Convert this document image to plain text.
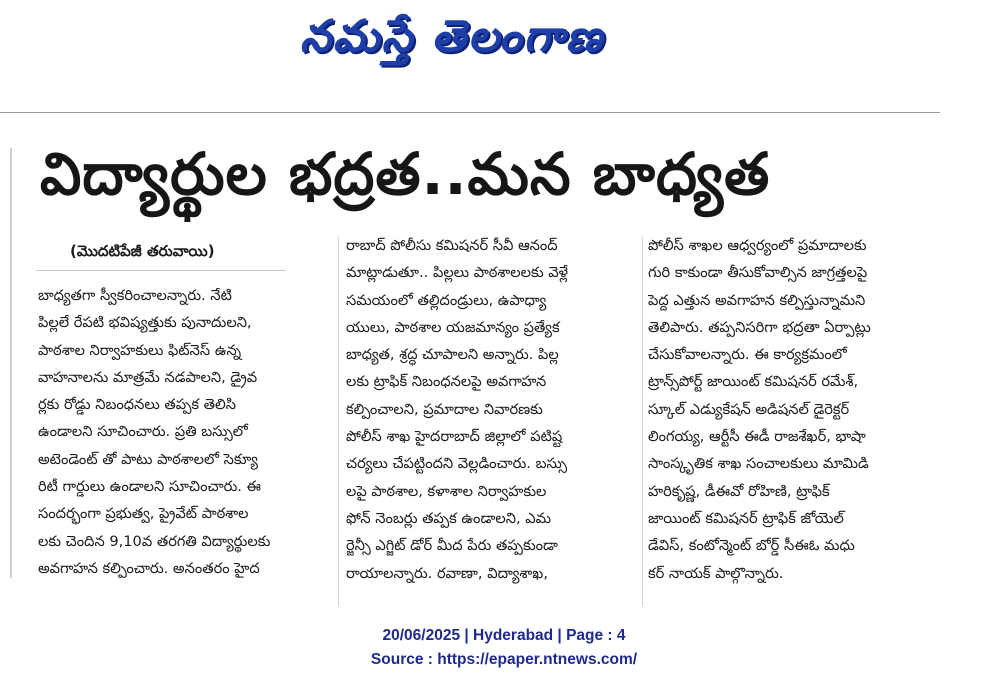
నమస్తే తెలంగాణ
విద్యార్థుల భద్రత..మన బాధ్యత
(మొదటిపేజీ తరువాయి)
బాధ్యతగా స్వీకరించాలన్నారు. నేటి
పిల్లలే రేపటి భవిష్యత్తుకు పునాదులని,
పాఠశాల నిర్వాహకులు ఫిట్‌నెస్ ఉన్న
వాహనాలను మాత్రమే నడపాలని, డ్రైవ
ర్లకు రోడ్డు నిబంధనలు తప్పక తెలిసి
ఉండాలని సూచించారు. ప్రతి బస్సులో
అటెండెంట్ తో పాటు పాఠశాలలో సెక్యూ
రిటీ గార్డులు ఉండాలని సూచించారు. ఈ
సందర్భంగా ప్రభుత్వ, ప్రైవేట్ పాఠశాల
లకు చెందిన 9,10వ తరగతి విద్యార్థులకు
అవగాహన కల్పించారు. అనంతరం హైద
రాబాద్ పోలీసు కమిషనర్ సీవీ ఆనంద్
మాట్లాడుతూ.. పిల్లలు పాఠశాలలకు వెళ్లే
సమయంలో తల్లిదండ్రులు, ఉపాధ్యా
యులు, పాఠశాల యజమాన్యం ప్రత్యేక
బాధ్యత, శ్రద్ధ చూపాలని అన్నారు. పిల్ల
లకు ట్రాఫిక్ నిబంధనలపై అవగాహన
కల్పించాలని, ప్రమాదాల నివారణకు
పోలీస్ శాఖ హైదరాబాద్ జిల్లాలో పటిష్ట
చర్యలు చేపట్టిందని వెల్లడించారు. బస్సు
లపై పాఠశాల, కళాశాల నిర్వాహకుల
ఫోన్ నెంబర్లు తప్పక ఉండాలని, ఎమ
ర్జెన్సీ ఎగ్జిట్ డోర్ మీద పేరు తప్పకుండా
రాయాలన్నారు. రవాణా, విద్యాశాఖ,
పోలీస్ శాఖల ఆధ్వర్యంలో ప్రమాదాలకు
గురి కాకుండా తీసుకోవాల్సిన జాగ్రత్తలపై
పెద్ద ఎత్తున అవగాహన కల్పిస్తున్నామని
తెలిపారు. తప్పనిసరిగా భద్రతా ఏర్పాట్లు
చేసుకోవాలన్నారు. ఈ కార్యక్రమంలో
ట్రాన్స్‌పోర్ట్ జాయింట్ కమిషనర్ రమేశ్,
స్కూల్ ఎడ్యుకేషన్ అడిషనల్ డైరెక్టర్
లింగయ్య, ఆర్టీసీ ఈడీ రాజశేఖర్, భాషా
సాంస్కృతిక శాఖ సంచాలకులు మామిడి
హరికృష్ణ, డీఈవో రోహిణి, ట్రాఫిక్
జాయింట్ కమిషనర్ ట్రాఫిక్ జోయెల్
డేవిస్, కంటోన్మెంట్ బోర్డ్ సీఈఓ మధు
కర్ నాయక్ పాల్గొన్నారు.
20/06/2025 | Hyderabad | Page : 4
Source : https://epaper.ntnews.com/
